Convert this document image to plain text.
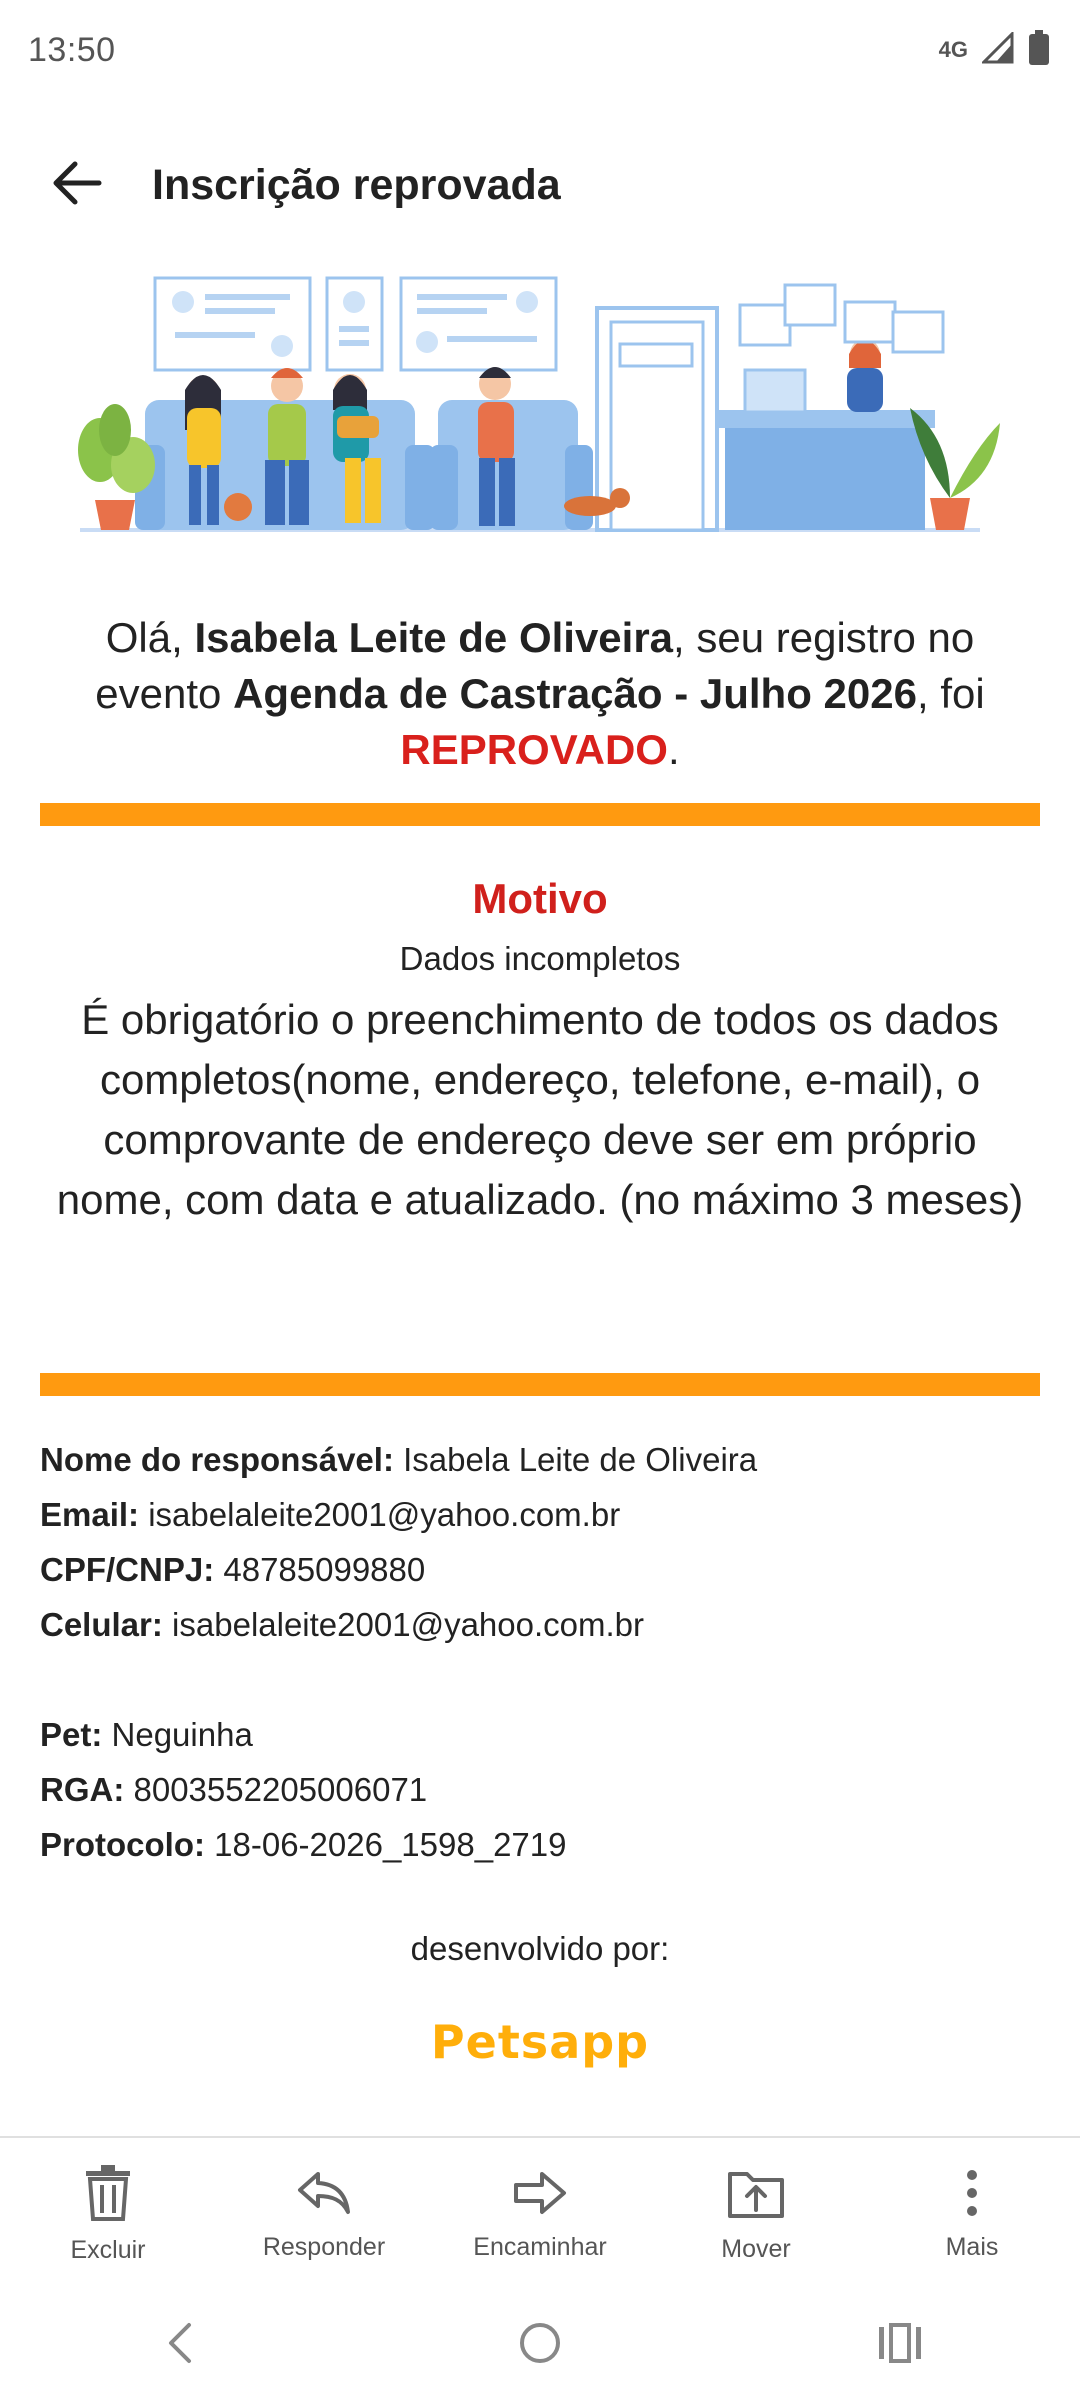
13:50	4G
Inscrição reprovada
Olá, Isabela Leite de Oliveira, seu registro no evento Agenda de Castração - Julho 2026, foi REPROVADO.
Motivo
Dados incompletos
É obrigatório o preenchimento de todos os dados completos(nome, endereço, telefone, e-mail), o comprovante de endereço deve ser em próprio nome, com data e atualizado. (no máximo 3 meses)
Nome do responsável: Isabela Leite de Oliveira
Email: isabelaleite2001@yahoo.com.br
CPF/CNPJ: 48785099880
Celular: isabelaleite2001@yahoo.com.br
Pet: Neguinha
RGA: 8003552205006071
Protocolo: 18-06-2026_1598_2719
desenvolvido por:
Petsapp
Excluir	Responder	Encaminhar	Mover	Mais
